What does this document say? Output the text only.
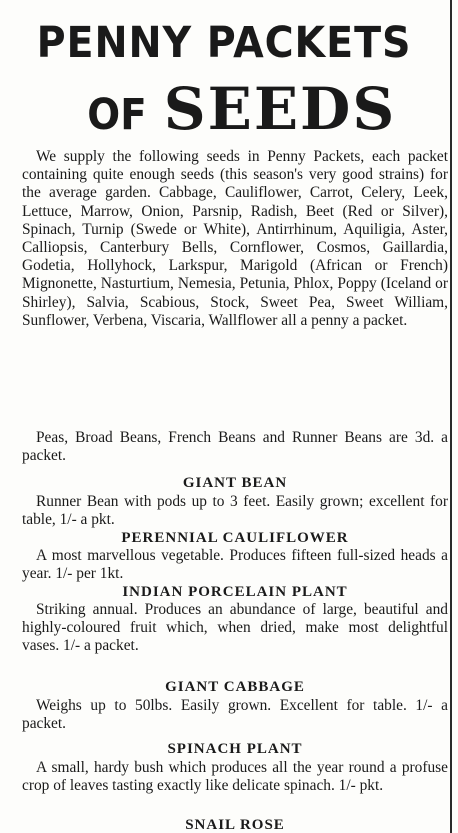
PENNY PACKETS
OF SEEDS

We supply the following seeds in Penny Packets, each packet containing quite enough seeds (this season's very good strains) for the average garden. Cabbage, Cauliflower, Carrot, Celery, Leek, Lettuce, Marrow, Onion, Parsnip, Radish, Beet (Red or Silver), Spinach, Turnip (Swede or White), Antirrhinum, Aquiligia, Aster, Calliopsis, Canterbury Bells, Cornflower, Cosmos, Gaillardia, Godetia, Hollyhock, Larkspur, Marigold (African or French) Mignonette, Nasturtium, Nemesia, Petunia, Phlox, Poppy (Iceland or Shirley), Salvia, Scabious, Stock, Sweet Pea, Sweet William, Sunflower, Verbena, Viscaria, Wallflower all a penny a packet.

Peas, Broad Beans, French Beans and Runner Beans are 3d. a packet.

GIANT BEAN

Runner Bean with pods up to 3 feet. Easily grown; excellent for table, 1/- a pkt.

PERENNIAL CAULIFLOWER

A most marvellous vegetable. Produces fifteen full-sized heads a year. 1/- per 1kt.

INDIAN PORCELAIN PLANT

Striking annual. Produces an abundance of large, beautiful and highly-coloured fruit which, when dried, make most delightful vases. 1/- a packet.

GIANT CABBAGE

Weighs up to 50lbs. Easily grown. Excellent for table. 1/- a packet.

SPINACH PLANT

A small, hardy bush which produces all the year round a profuse crop of leaves tasting exactly like delicate spinach. 1/- pkt.

SNAIL ROSE
